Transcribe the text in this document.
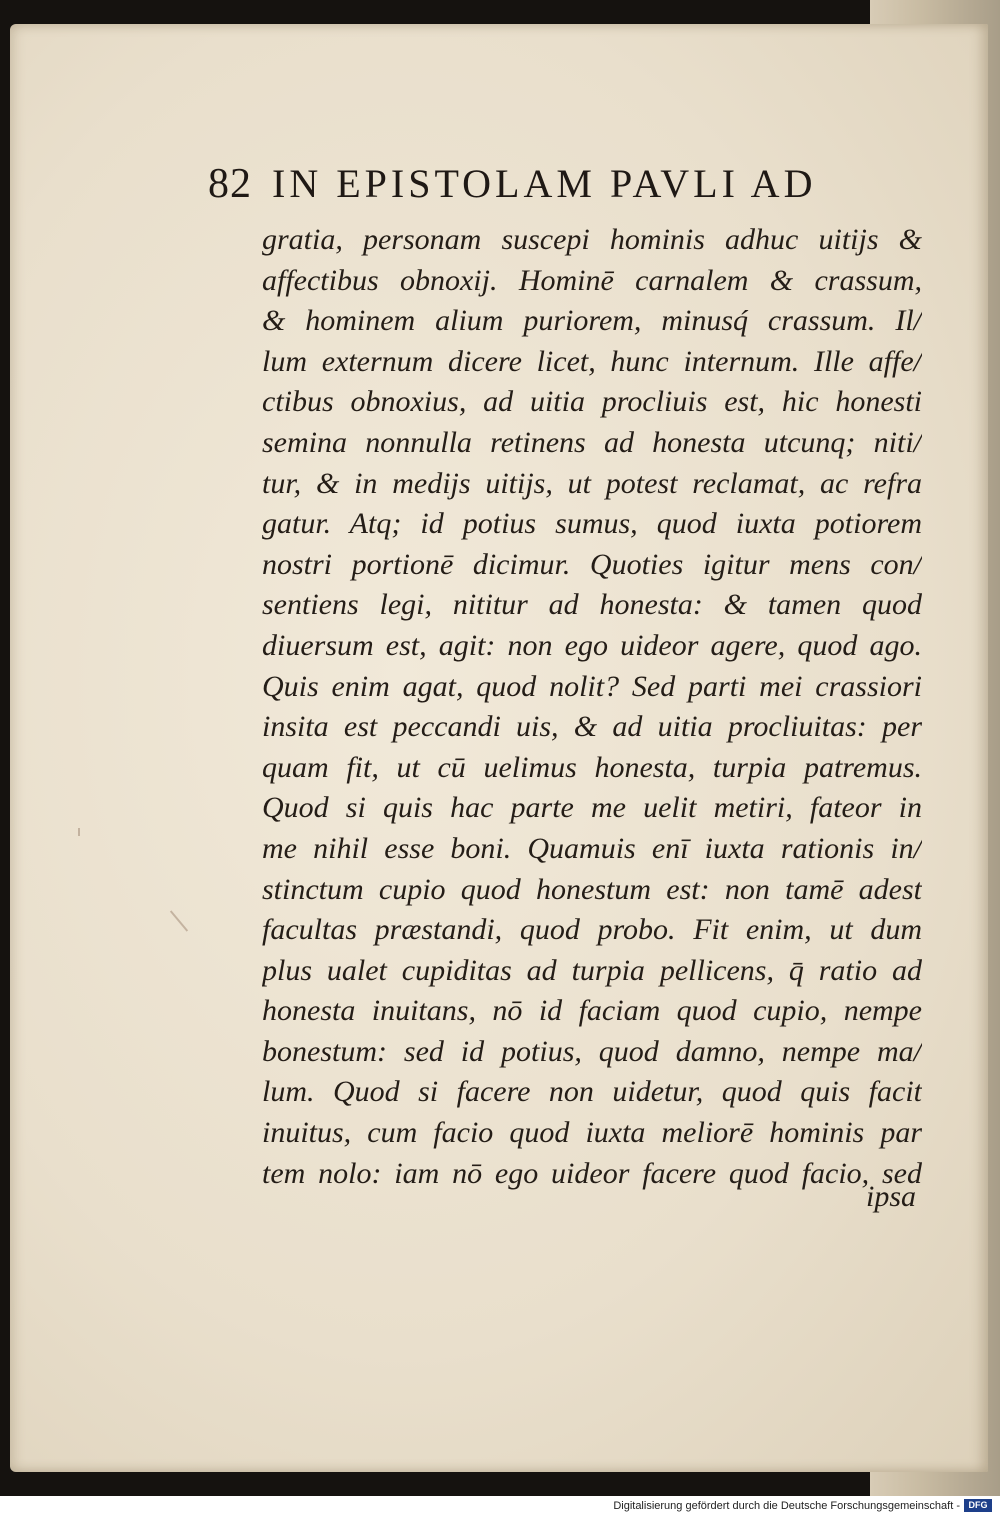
82 IN EPISTOLAM PAVLI AD
gratia, personam suscepi hominis adhuc uitijs &
affectibus obnoxij. Hominē carnalem & crassum,
& hominem alium puriorem, minusq́ crassum. Il/
lum externum dicere licet, hunc internum. Ille affe/
ctibus obnoxius, ad uitia procliuis est, hic honesti
semina nonnulla retinens ad honesta utcunq; niti/
tur, & in medijs uitijs, ut potest reclamat, ac refra
gatur. Atq; id potius sumus, quod iuxta potiorem
nostri portionē dicimur. Quoties igitur mens con/
sentiens legi, nititur ad honesta: & tamen quod
diuersum est, agit: non ego uideor agere, quod ago.
Quis enim agat, quod nolit? Sed parti mei crassiori
insita est peccandi uis, & ad uitia procliuitas: per
quam fit, ut cū uelimus honesta, turpia patremus.
Quod si quis hac parte me uelit metiri, fateor in
me nihil esse boni. Quamuis enī iuxta rationis in/
stinctum cupio quod honestum est: non tamē adest
facultas præstandi, quod probo. Fit enim, ut dum
plus ualet cupiditas ad turpia pellicens, q̄ ratio ad
honesta inuitans, nō id faciam quod cupio, nempe
bonestum: sed id potius, quod damno, nempe ma/
lum. Quod si facere non uidetur, quod quis facit
inuitus, cum facio quod iuxta meliorē hominis par
tem nolo: iam nō ego uideor facere quod facio, sed
ipsa
Digitalisierung gefördert durch die Deutsche Forschungsgemeinschaft - DFG
